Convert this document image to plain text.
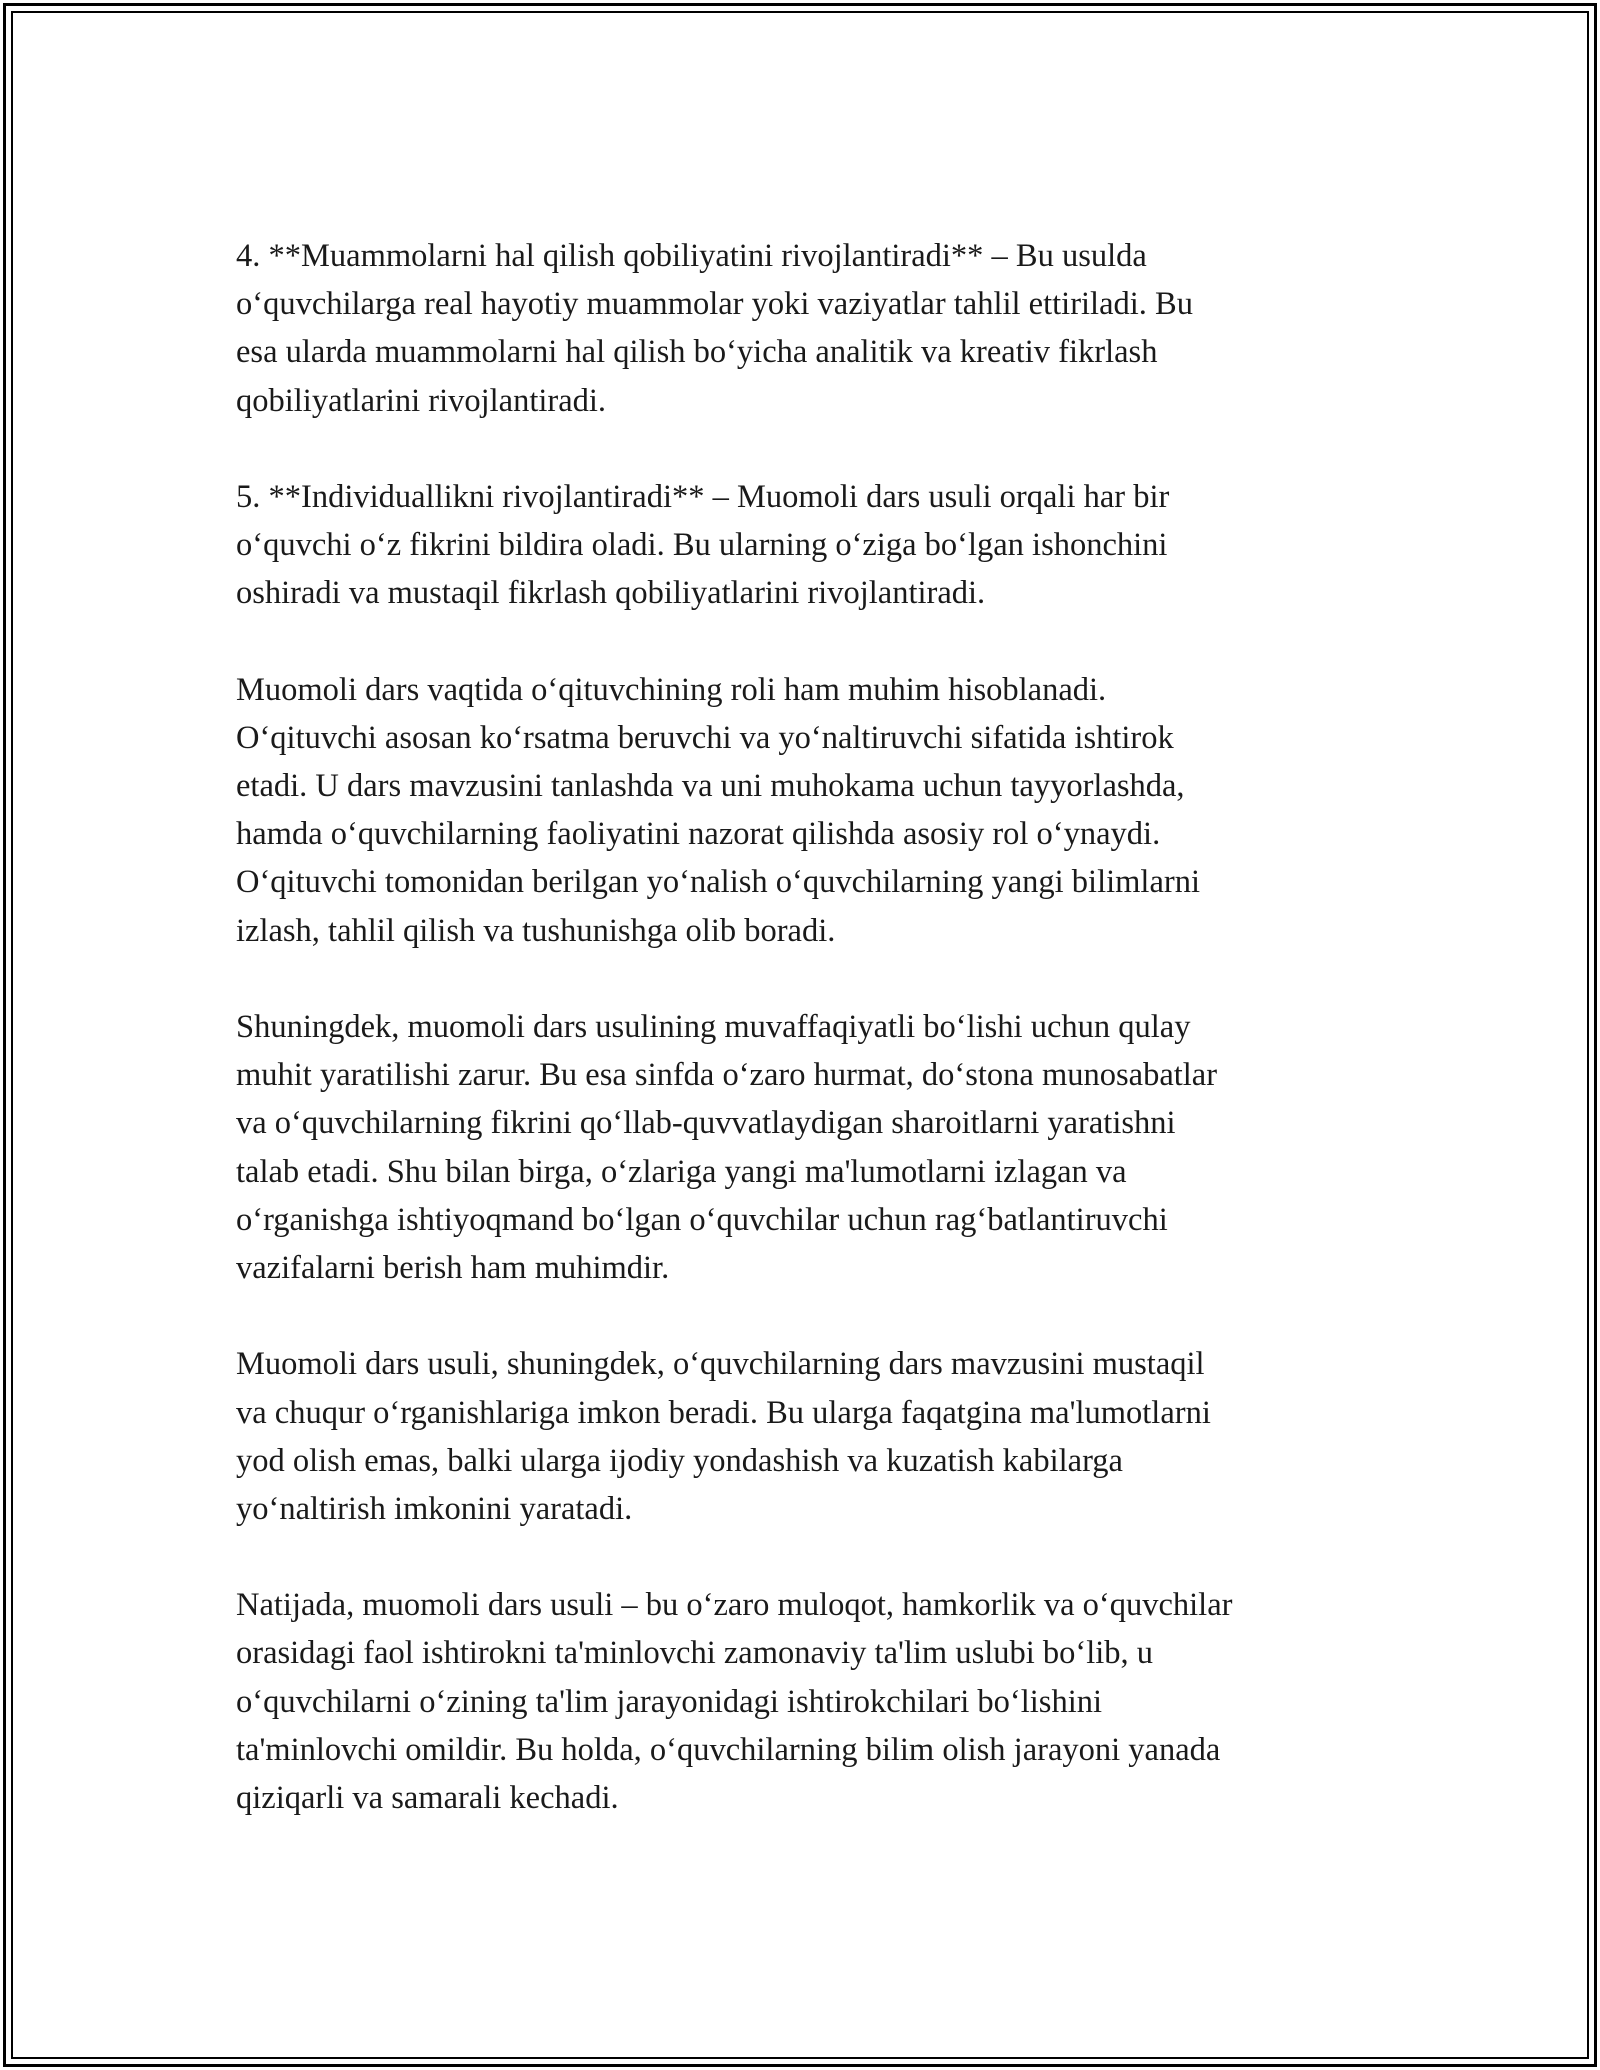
4. **Muammolarni hal qilish qobiliyatini rivojlantiradi** – Bu usulda
o‘quvchilarga real hayotiy muammolar yoki vaziyatlar tahlil ettiriladi. Bu
esa ularda muammolarni hal qilish bo‘yicha analitik va kreativ fikrlash
qobiliyatlarini rivojlantiradi.

5. **Individuallikni rivojlantiradi** – Muomoli dars usuli orqali har bir
o‘quvchi o‘z fikrini bildira oladi. Bu ularning o‘ziga bo‘lgan ishonchini
oshiradi va mustaqil fikrlash qobiliyatlarini rivojlantiradi.

Muomoli dars vaqtida o‘qituvchining roli ham muhim hisoblanadi.
O‘qituvchi asosan ko‘rsatma beruvchi va yo‘naltiruvchi sifatida ishtirok
etadi. U dars mavzusini tanlashda va uni muhokama uchun tayyorlashda,
hamda o‘quvchilarning faoliyatini nazorat qilishda asosiy rol o‘ynaydi.
O‘qituvchi tomonidan berilgan yo‘nalish o‘quvchilarning yangi bilimlarni
izlash, tahlil qilish va tushunishga olib boradi.

Shuningdek, muomoli dars usulining muvaffaqiyatli bo‘lishi uchun qulay
muhit yaratilishi zarur. Bu esa sinfda o‘zaro hurmat, do‘stona munosabatlar
va o‘quvchilarning fikrini qo‘llab-quvvatlaydigan sharoitlarni yaratishni
talab etadi. Shu bilan birga, o‘zlariga yangi ma'lumotlarni izlagan va
o‘rganishga ishtiyoqmand bo‘lgan o‘quvchilar uchun rag‘batlantiruvchi
vazifalarni berish ham muhimdir.

Muomoli dars usuli, shuningdek, o‘quvchilarning dars mavzusini mustaqil
va chuqur o‘rganishlariga imkon beradi. Bu ularga faqatgina ma'lumotlarni
yod olish emas, balki ularga ijodiy yondashish va kuzatish kabilarga
yo‘naltirish imkonini yaratadi.

Natijada, muomoli dars usuli – bu o‘zaro muloqot, hamkorlik va o‘quvchilar
orasidagi faol ishtirokni ta'minlovchi zamonaviy ta'lim uslubi bo‘lib, u
o‘quvchilarni o‘zining ta'lim jarayonidagi ishtirokchilari bo‘lishini
ta'minlovchi omildir. Bu holda, o‘quvchilarning bilim olish jarayoni yanada
qiziqarli va samarali kechadi.
